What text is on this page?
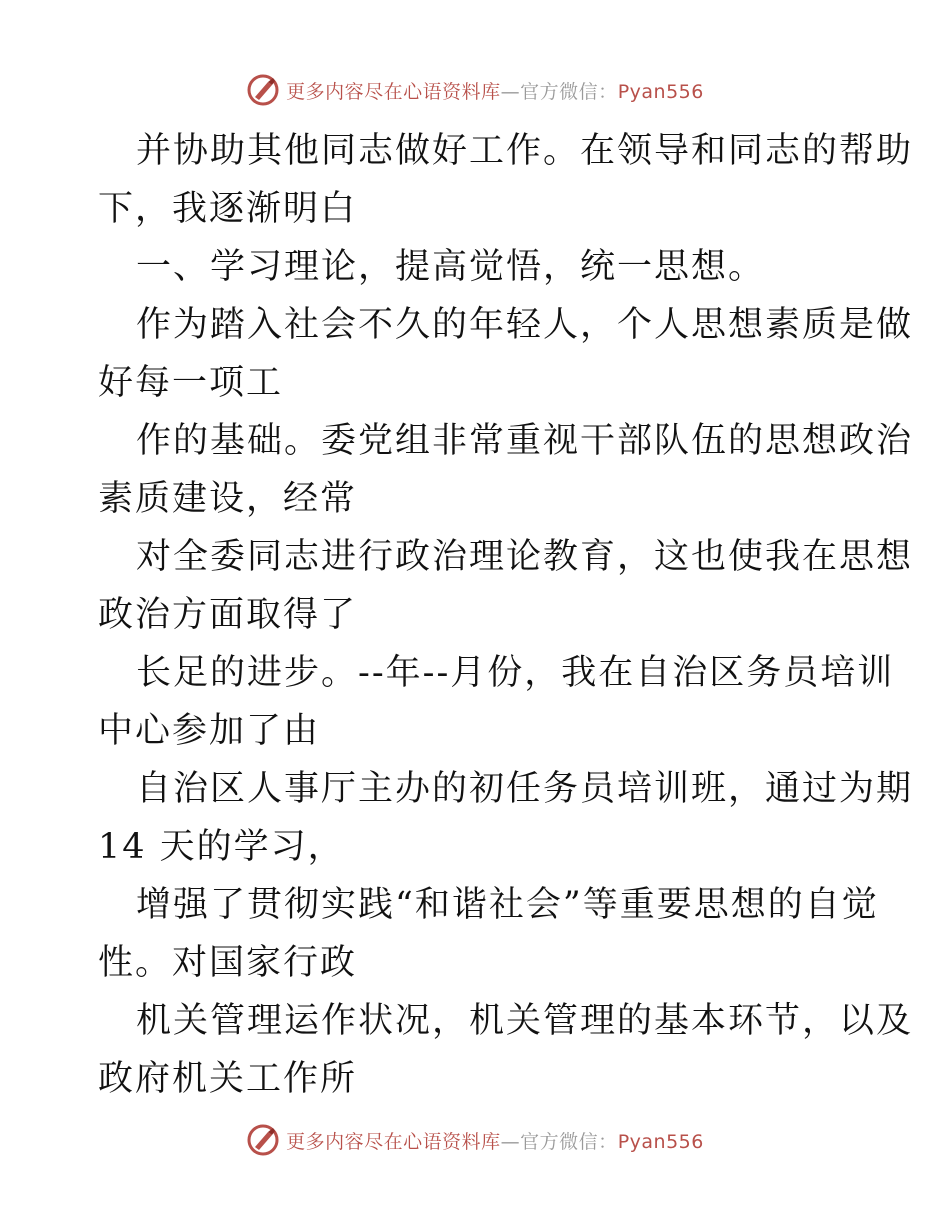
更多内容尽在心语资料库—官方微信：Pyan556
并协助其他同志做好工作。在领导和同志的帮助
下，我逐渐明白
一、学习理论，提高觉悟，统一思想。
作为踏入社会不久的年轻人，个人思想素质是做
好每一项工
作的基础。委党组非常重视干部队伍的思想政治
素质建设，经常
对全委同志进行政治理论教育，这也使我在思想
政治方面取得了
长足的进步。--年--月份，我在自治区务员培训
中心参加了由
自治区人事厅主办的初任务员培训班，通过为期
14 天的学习，
增强了贯彻实践“和谐社会”等重要思想的自觉
性。对国家行政
机关管理运作状况，机关管理的基本环节，以及
政府机关工作所
更多内容尽在心语资料库—官方微信：Pyan556
